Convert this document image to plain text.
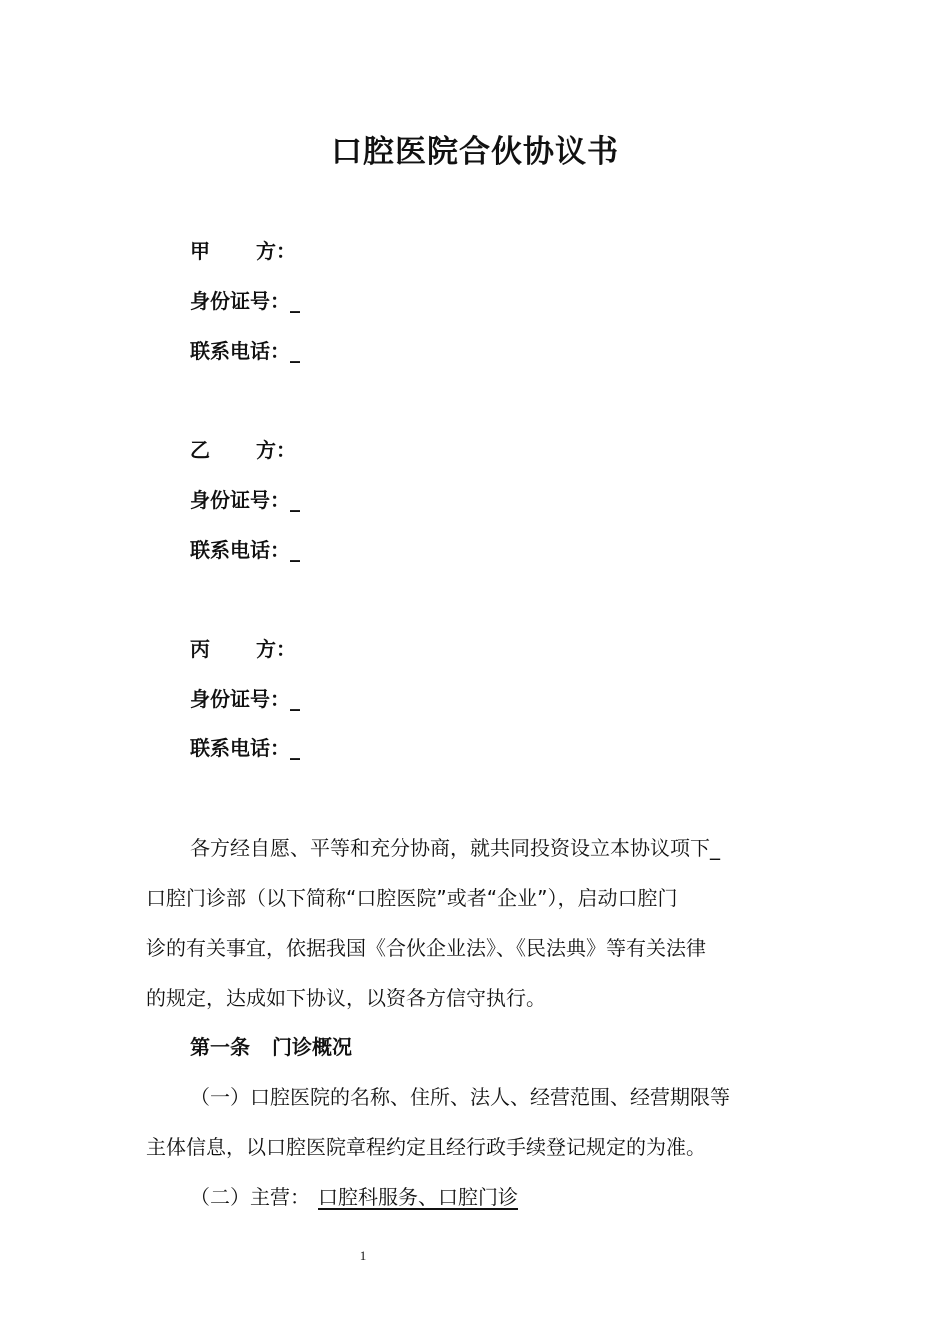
口腔医院合伙协议书
甲 方：
身份证号：_
联系电话：_
乙 方：
身份证号：_
联系电话：_
丙 方：
身份证号：_
联系电话：_
各方经自愿、平等和充分协商，就共同投资设立本协议项下_
口腔门诊部（以下简称“口腔医院”或者“企业”），启动口腔门
诊的有关事宜，依据我国《合伙企业法》、《民法典》等有关法律
的规定，达成如下协议，以资各方信守执行。
第一条 门诊概况
（一）口腔医院的名称、住所、法人、经营范围、经营期限等
主体信息，以口腔医院章程约定且经行政手续登记规定的为准。
（二）主营： 口腔科服务、口腔门诊
1
